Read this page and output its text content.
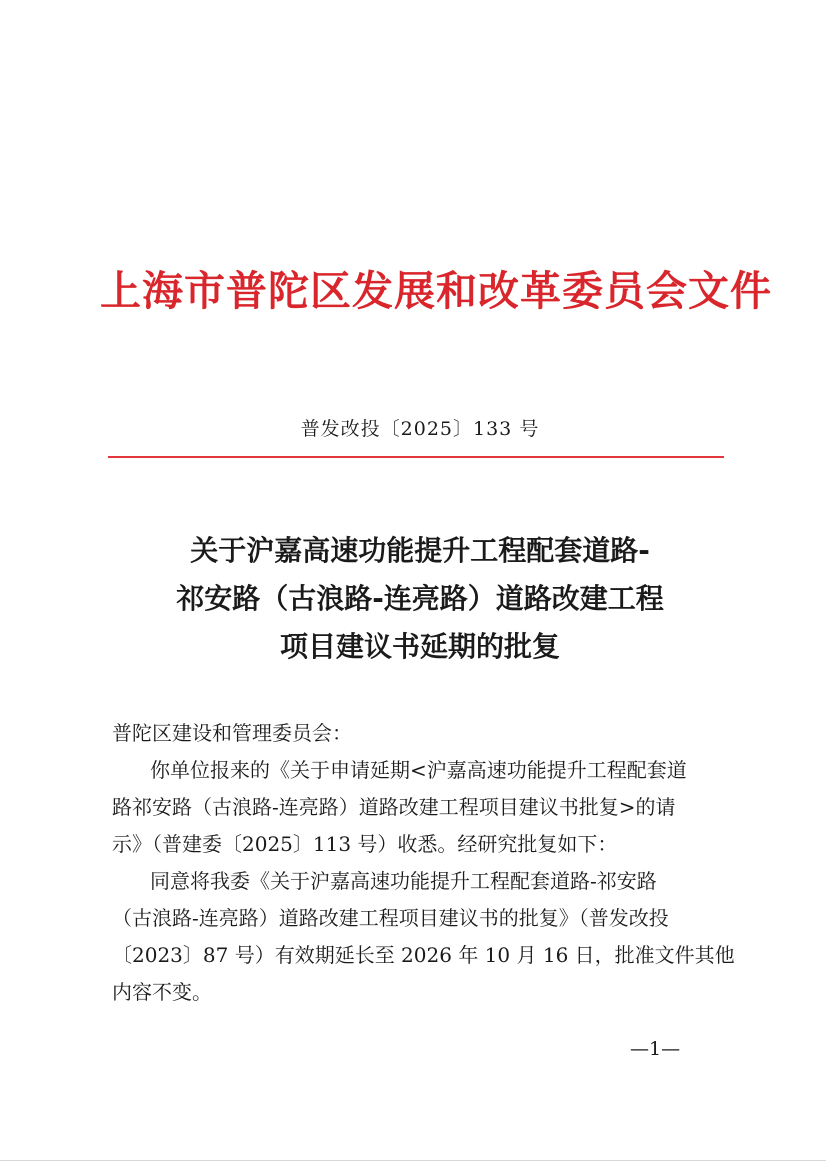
上海市普陀区发展和改革委员会文件
普发改投〔2025〕133 号
关于沪嘉高速功能提升工程配套道路-
祁安路（古浪路-连亮路）道路改建工程
项目建议书延期的批复
普陀区建设和管理委员会：
你单位报来的《关于申请延期<沪嘉高速功能提升工程配套道
路祁安路（古浪路-连亮路）道路改建工程项目建议书批复>的请
示》（普建委〔2025〕113 号）收悉。经研究批复如下：
同意将我委《关于沪嘉高速功能提升工程配套道路-祁安路
（古浪路-连亮路）道路改建工程项目建议书的批复》（普发改投
〔2023〕87 号）有效期延长至 2026 年 10 月 16 日，批准文件其他
内容不变。
—1—
